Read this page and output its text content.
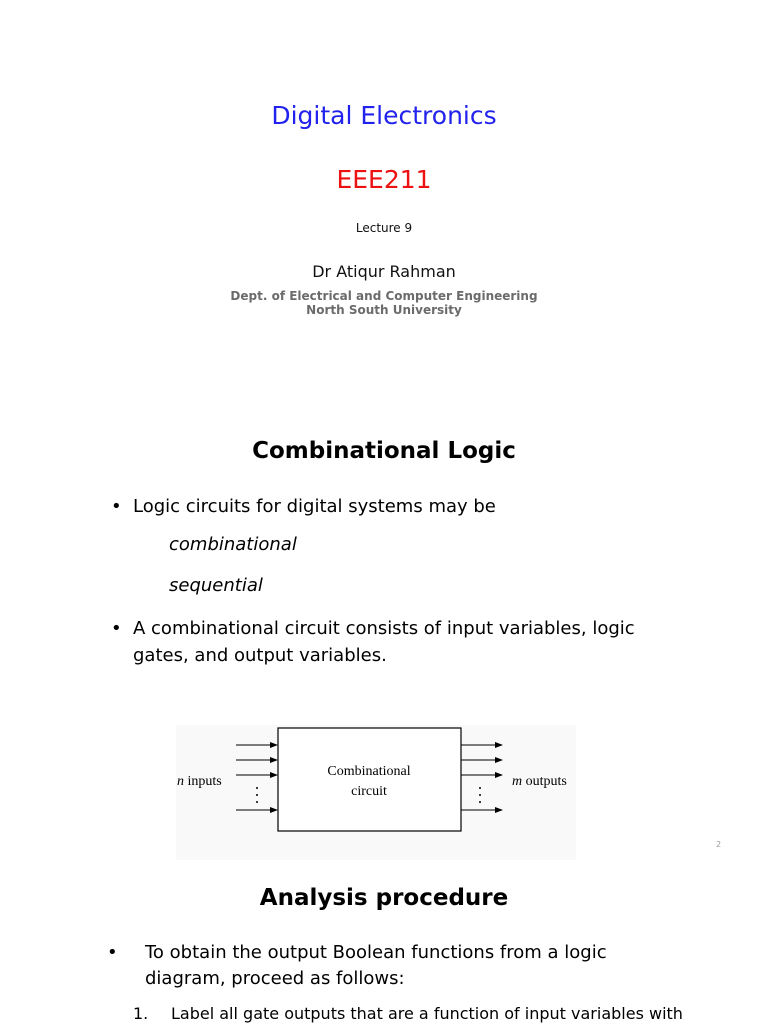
Digital Electronics
EEE211
Lecture 9
Dr Atiqur Rahman
Dept. of Electrical and Computer Engineering
North South University
Combinational Logic
• Logic circuits for digital systems may be
combinational
sequential
• A combinational circuit consists of input variables, logic gates, and output variables.
n inputs
Combinational
circuit
m outputs
2
Analysis procedure
• To obtain the output Boolean functions from a logic diagram, proceed as follows:
1. Label all gate outputs that are a function of input variables with
